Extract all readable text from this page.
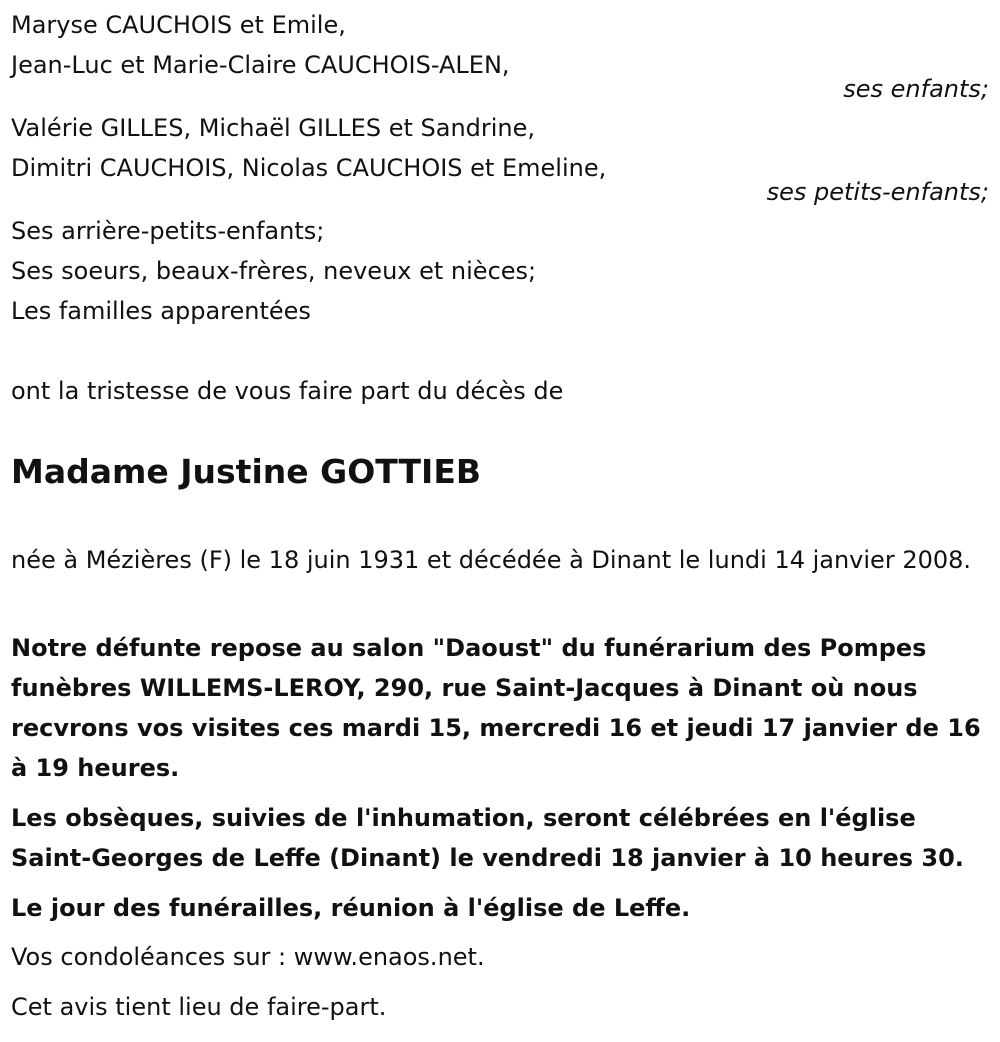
Maryse CAUCHOIS et Emile,
Jean-Luc et Marie-Claire CAUCHOIS-ALEN,
ses enfants;
Valérie GILLES, Michaël GILLES et Sandrine,
Dimitri CAUCHOIS, Nicolas CAUCHOIS et Emeline,
ses petits-enfants;
Ses arrière-petits-enfants;
Ses soeurs, beaux-frères, neveux et nièces;
Les familles apparentées
ont la tristesse de vous faire part du décès de
Madame Justine GOTTIEB
née à Mézières (F) le 18 juin 1931 et décédée à Dinant le lundi 14 janvier 2008.
Notre défunte repose au salon "Daoust" du funérarium des Pompes funèbres WILLEMS-LEROY, 290, rue Saint-Jacques à Dinant où nous recvrons vos visites ces mardi 15, mercredi 16 et jeudi 17 janvier de 16 à 19 heures.
Les obsèques, suivies de l'inhumation, seront célébrées en l'église Saint-Georges de Leffe (Dinant) le vendredi 18 janvier à 10 heures 30.
Le jour des funérailles, réunion à l'église de Leffe.
Vos condoléances sur : www.enaos.net.
Cet avis tient lieu de faire-part.
